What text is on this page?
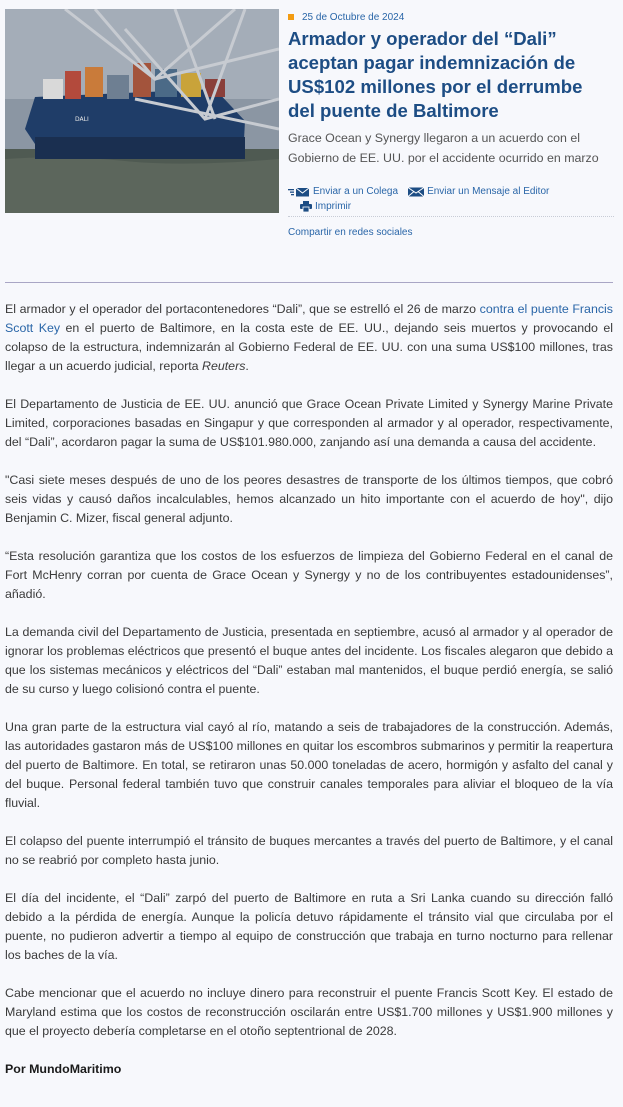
DALI
25 de Octubre de 2024
Armador y operador del “Dali” aceptan pagar indemnización de US$102 millones por el derrumbe del puente de Baltimore
Grace Ocean y Synergy llegaron a un acuerdo con el Gobierno de EE. UU. por el accidente ocurrido en marzo
Enviar a un Colega	Enviar un Mensaje al Editor
Imprimir
Compartir en redes sociales

El armador y el operador del portacontenedores “Dali”, que se estrelló el 26 de marzo contra el puente Francis Scott Key en el puerto de Baltimore, en la costa este de EE. UU., dejando seis muertos y provocando el colapso de la estructura, indemnizarán al Gobierno Federal de EE. UU. con una suma US$100 millones, tras llegar a un acuerdo judicial, reporta Reuters.

El Departamento de Justicia de EE. UU. anunció que Grace Ocean Private Limited y Synergy Marine Private Limited, corporaciones basadas en Singapur y que corresponden al armador y al operador, respectivamente, del “Dali”, acordaron pagar la suma de US$101.980.000, zanjando así una demanda a causa del accidente.

"Casi siete meses después de uno de los peores desastres de transporte de los últimos tiempos, que cobró seis vidas y causó daños incalculables, hemos alcanzado un hito importante con el acuerdo de hoy", dijo Benjamin C. Mizer, fiscal general adjunto.

“Esta resolución garantiza que los costos de los esfuerzos de limpieza del Gobierno Federal en el canal de Fort McHenry corran por cuenta de Grace Ocean y Synergy y no de los contribuyentes estadounidenses”, añadió.

La demanda civil del Departamento de Justicia, presentada en septiembre, acusó al armador y al operador de ignorar los problemas eléctricos que presentó el buque antes del incidente. Los fiscales alegaron que debido a que los sistemas mecánicos y eléctricos del “Dali” estaban mal mantenidos, el buque perdió energía, se salió de su curso y luego colisionó contra el puente.

Una gran parte de la estructura vial cayó al río, matando a seis de trabajadores de la construcción. Además, las autoridades gastaron más de US$100 millones en quitar los escombros submarinos y permitir la reapertura del puerto de Baltimore. En total, se retiraron unas 50.000 toneladas de acero, hormigón y asfalto del canal y del buque. Personal federal también tuvo que construir canales temporales para aliviar el bloqueo de la vía fluvial.

El colapso del puente interrumpió el tránsito de buques mercantes a través del puerto de Baltimore, y el canal no se reabrió por completo hasta junio.

El día del incidente, el “Dali” zarpó del puerto de Baltimore en ruta a Sri Lanka cuando su dirección falló debido a la pérdida de energía. Aunque la policía detuvo rápidamente el tránsito vial que circulaba por el puente, no pudieron advertir a tiempo al equipo de construcción que trabaja en turno nocturno para rellenar los baches de la vía.

Cabe mencionar que el acuerdo no incluye dinero para reconstruir el puente Francis Scott Key. El estado de Maryland estima que los costos de reconstrucción oscilarán entre US$1.700 millones y US$1.900 millones y que el proyecto debería completarse en el otoño septentrional de 2028.

Por MundoMaritimo
